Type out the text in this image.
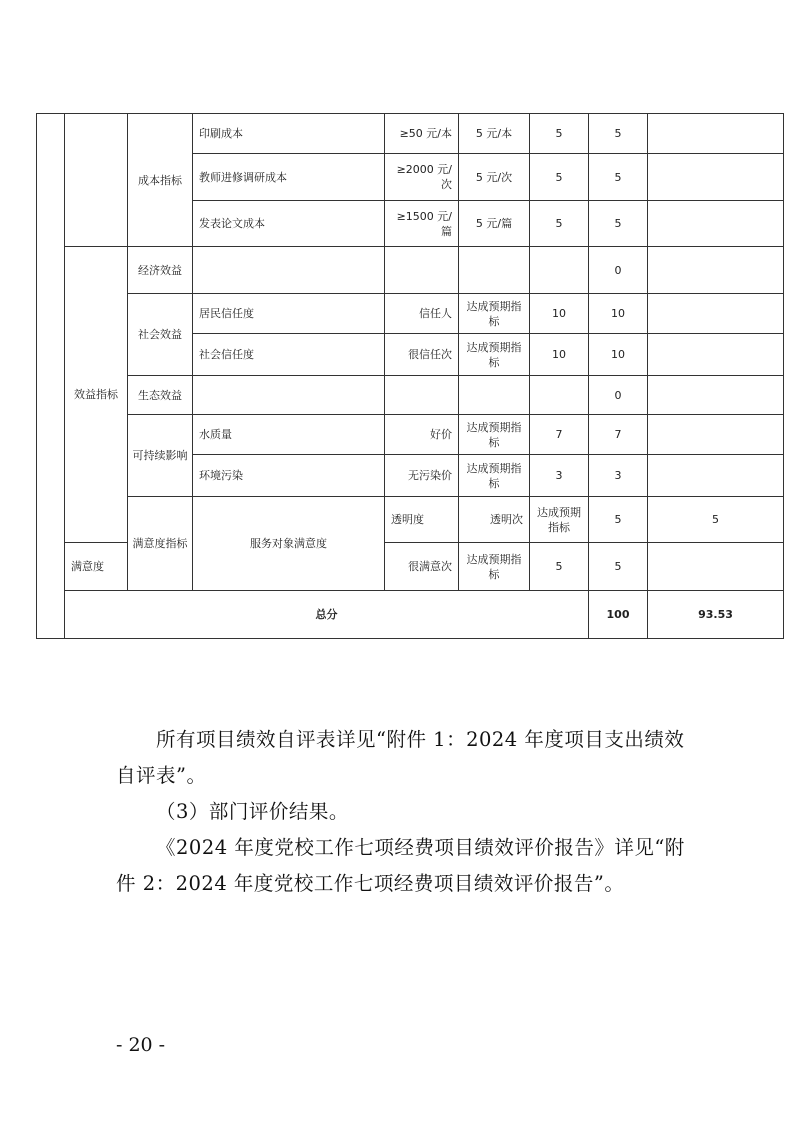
		成本指标	印刷成本	≥50 元/本	5 元/本	5	5		
			教师进修调研成本	≥2000 元/次	5 元/次	5	5		
			发表论文成本	≥1500 元/篇	5 元/篇	5	5		
	效益指标	经济效益					0		
		社会效益	居民信任度	信任人	达成预期指标	10	10		
			社会信任度	很信任次	达成预期指标	10	10		
		生态效益					0		
		可持续影响	水质量	好价	达成预期指标	7	7		
			环境污染	无污染价	达成预期指标	3	3		
		满意度指标	服务对象满意度	透明度	透明次	达成预期指标	5	5	
	满意度			很满意次	达成预期指标	5	5		
	总分						100	93.53	

所有项目绩效自评表详见“附件 1：2024 年度项目支出绩效自评表”。

（3）部门评价结果。

《2024 年度党校工作七项经费项目绩效评价报告》详见“附件 2：2024 年度党校工作七项经费项目绩效评价报告”。

- 20 -
